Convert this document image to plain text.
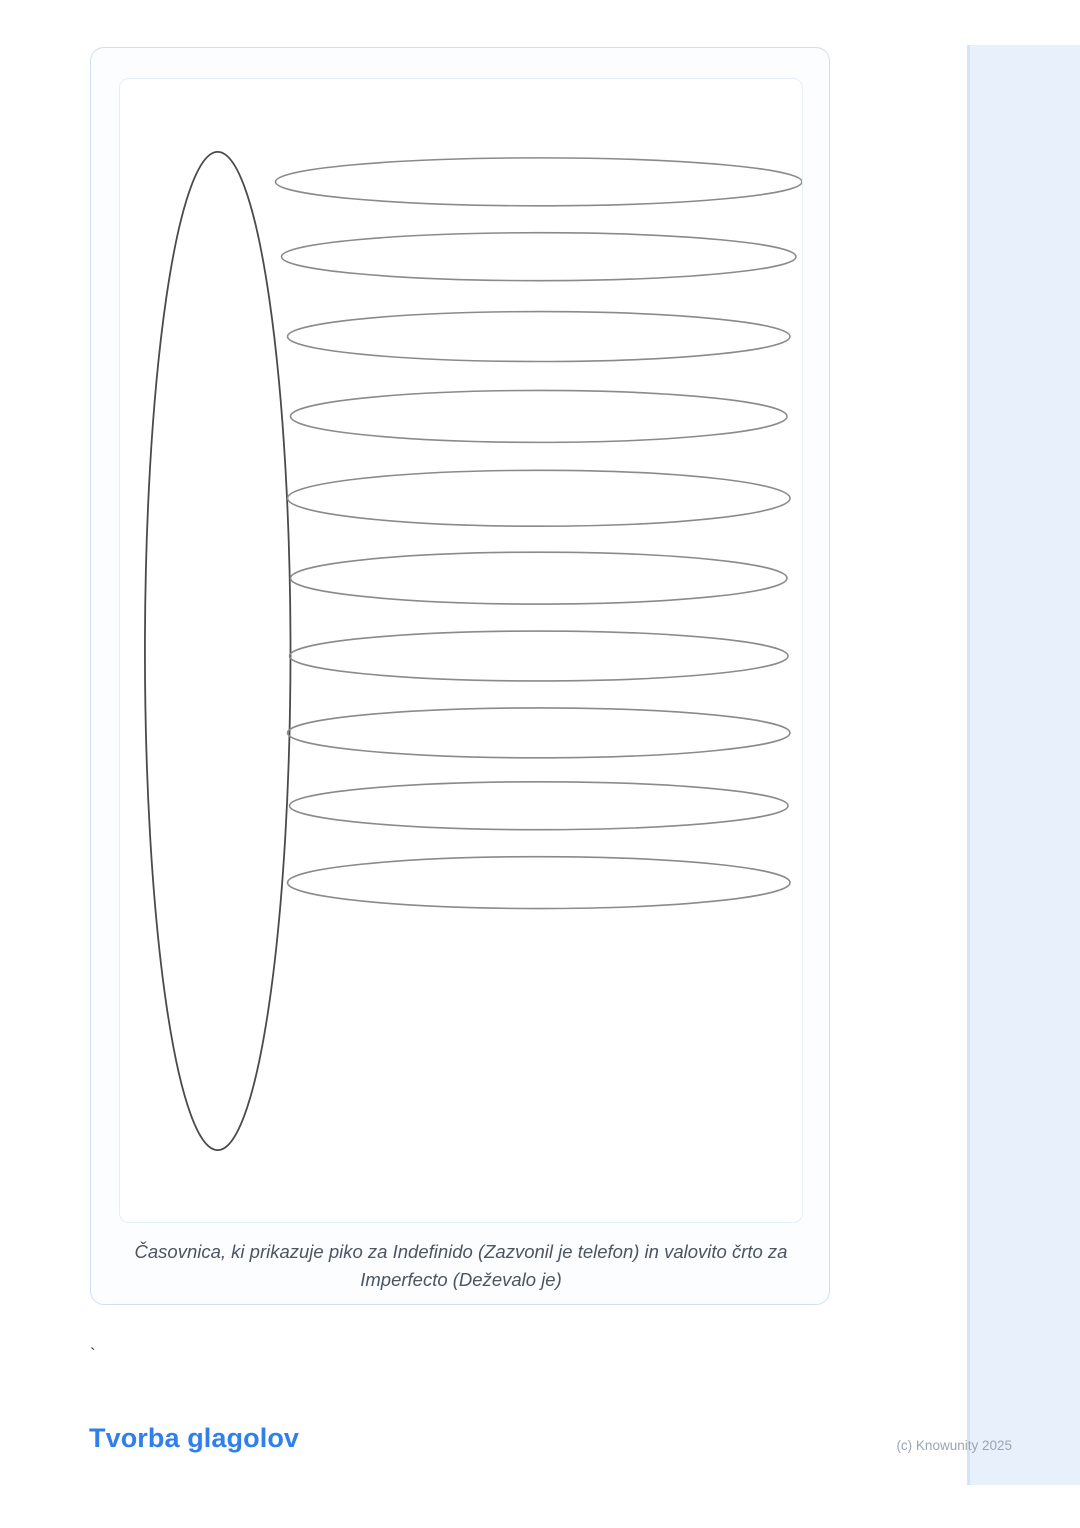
Časovnica, ki prikazuje piko za Indefinido (Zazvonil je telefon) in valovito črto za Imperfecto (Deževalo je)
`
Tvorba glagolov	(c) Knowunity 2025
